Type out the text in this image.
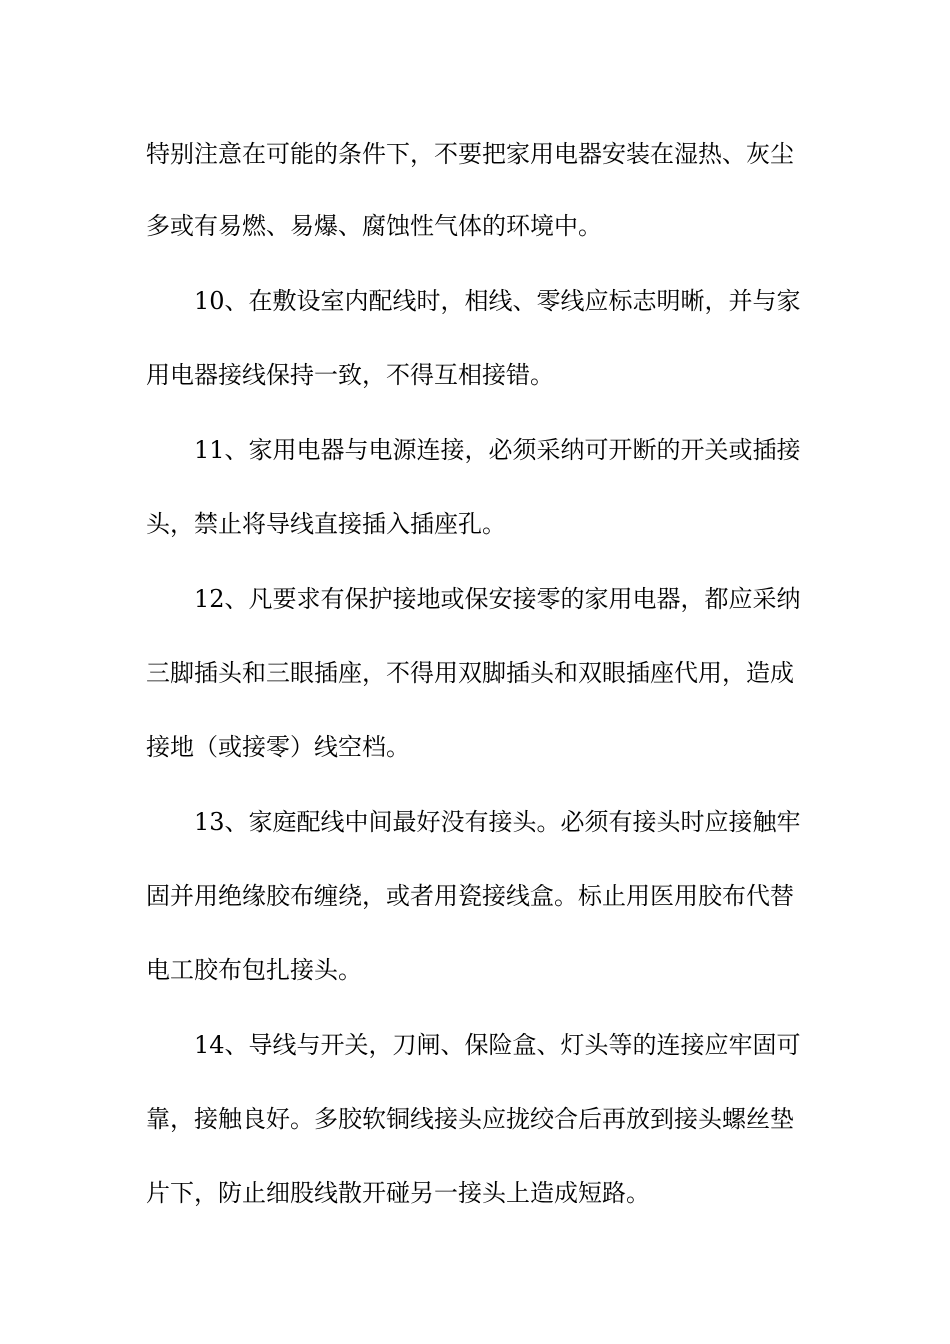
特别注意在可能的条件下，不要把家用电器安装在湿热、灰尘
多或有易燃、易爆、腐蚀性气体的环境中。
10、在敷设室内配线时，相线、零线应标志明晰，并与家
用电器接线保持一致，不得互相接错。
11、家用电器与电源连接，必须采纳可开断的开关或插接
头，禁止将导线直接插入插座孔。
12、凡要求有保护接地或保安接零的家用电器，都应采纳
三脚插头和三眼插座，不得用双脚插头和双眼插座代用，造成
接地（或接零）线空档。
13、家庭配线中间最好没有接头。必须有接头时应接触牢
固并用绝缘胶布缠绕，或者用瓷接线盒。标止用医用胶布代替
电工胶布包扎接头。
14、导线与开关，刀闸、保险盒、灯头等的连接应牢固可
靠，接触良好。多胶软铜线接头应拢绞合后再放到接头螺丝垫
片下，防止细股线散开碰另一接头上造成短路。
